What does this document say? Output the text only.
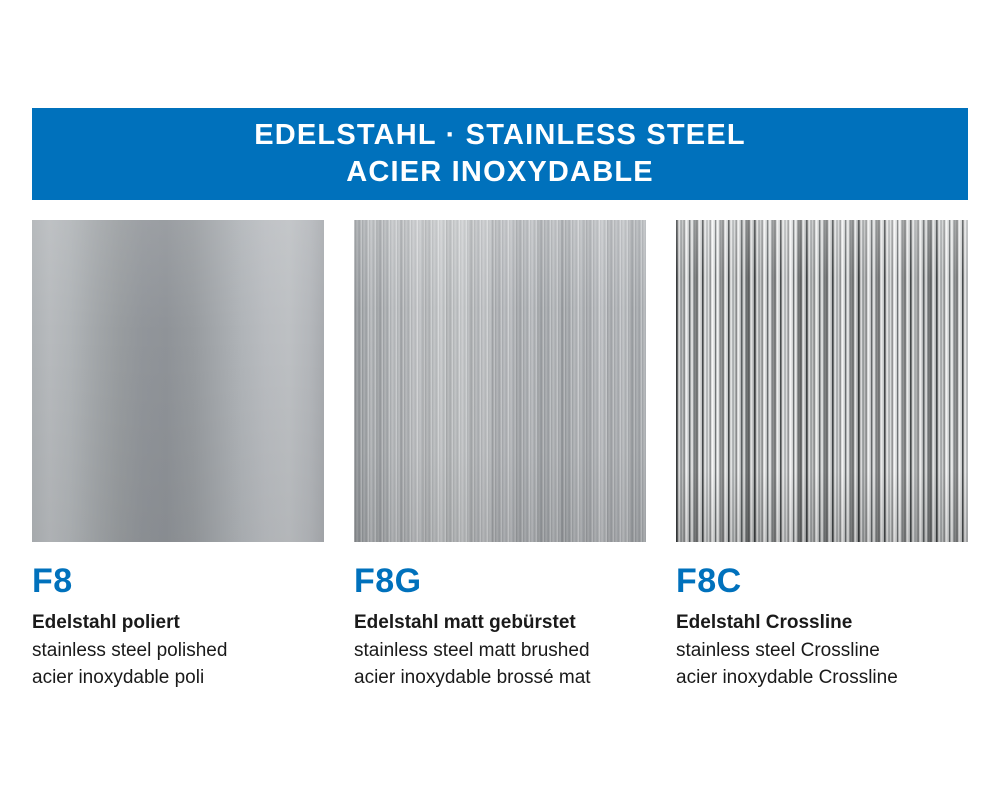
EDELSTAHL · STAINLESS STEEL
ACIER INOXYDABLE
F8
Edelstahl poliert
stainless steel polished
acier inoxydable poli
F8G
Edelstahl matt gebürstet
stainless steel matt brushed
acier inoxydable brossé mat
F8C
Edelstahl Crossline
stainless steel Crossline
acier inoxydable Crossline
